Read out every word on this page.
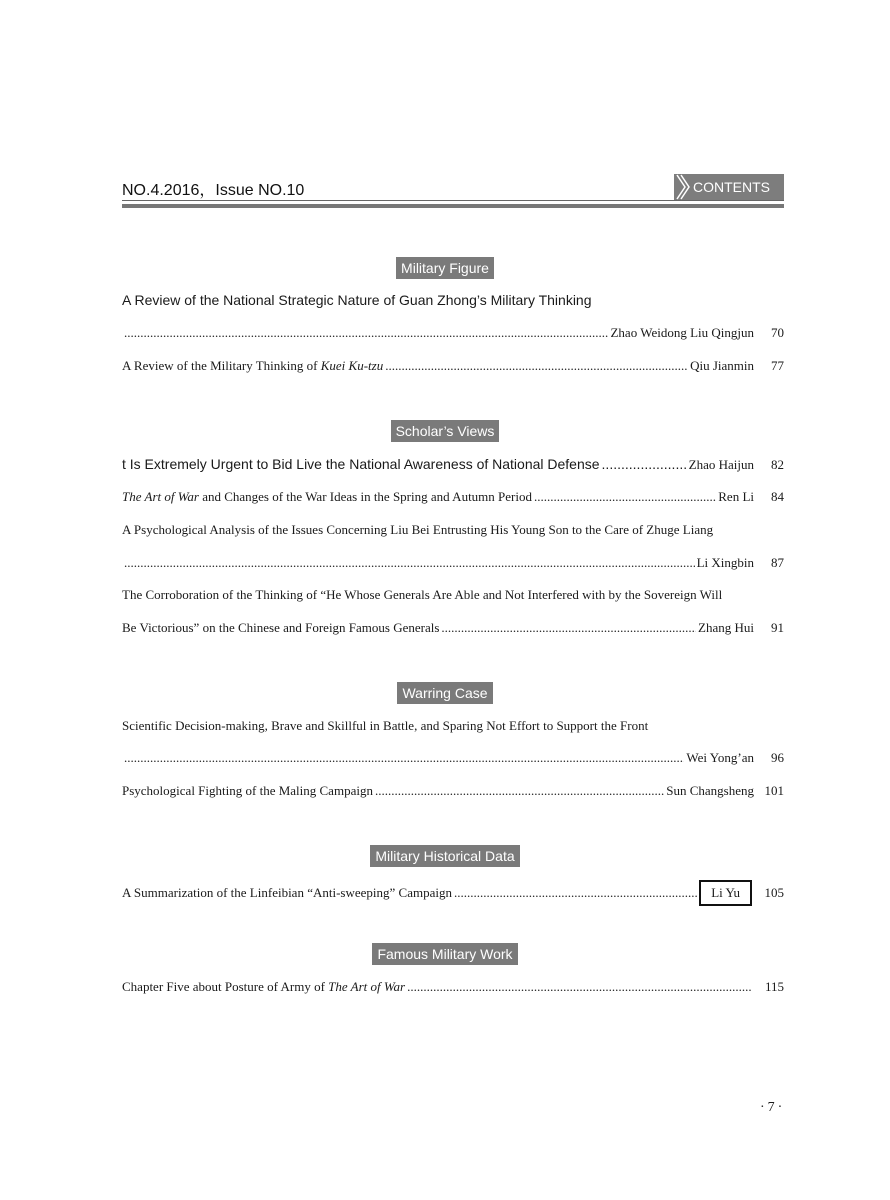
NO.4.2016，Issue NO.10	CONTENTS
Military Figure
A Review of the National Strategic Nature of Guan Zhong’s Military Thinking
.....
Zhao Weidong Liu Qingjun	70
A Review of the Military Thinking of Kuei Ku-tzu .....	Qiu Jianmin	77
Scholar’s Views
t Is Extremely Urgent to Bid Live the National Awareness of National Defense .....	Zhao Haijun	82
The Art of War and Changes of the War Ideas in the Spring and Autumn Period .....	Ren Li	84
A Psychological Analysis of the Issues Concerning Liu Bei Entrusting His Young Son to the Care of Zhuge Liang
.....
Li Xingbin	87
The Corroboration of the Thinking of “He Whose Generals Are Able and Not Interfered with by the Sovereign Will
Be Victorious” on the Chinese and Foreign Famous Generals .....	Zhang Hui	91
Warring Case
Scientific Decision-making, Brave and Skillful in Battle, and Sparing Not Effort to Support the Front
.....
Wei Yong’an	96
Psychological Fighting of the Maling Campaign .....	Sun Changsheng 101
Military Historical Data
A Summarization of the Linfeibian “Anti-sweeping” Campaign .....	Li Yu	105
Famous Military Work
Chapter Five about Posture of Army of The Art of War .....	115
·7·
